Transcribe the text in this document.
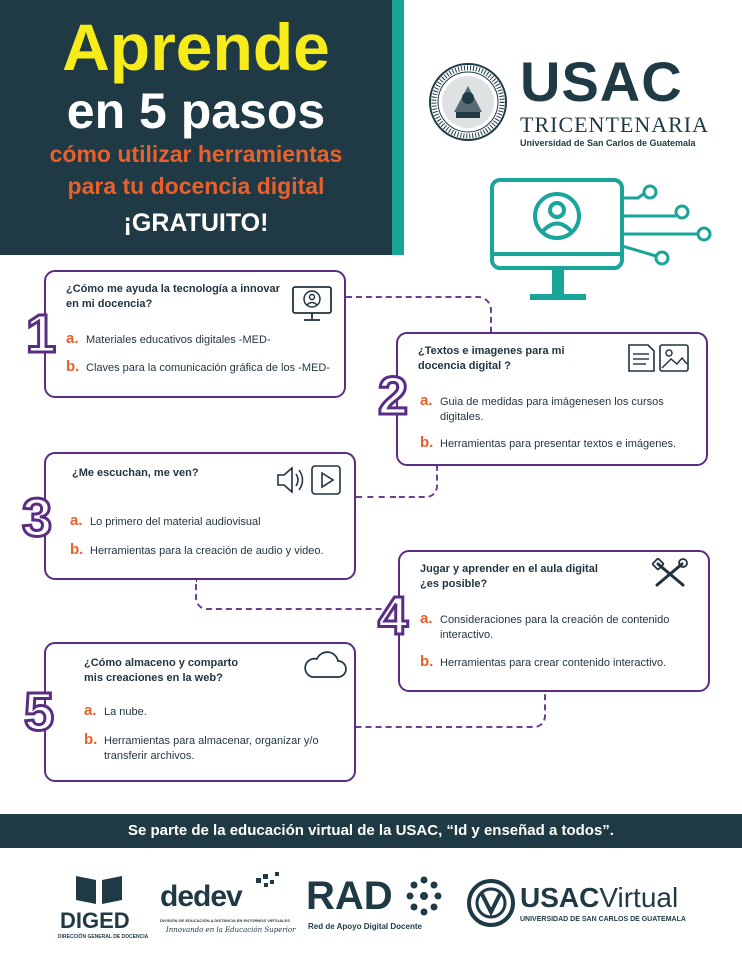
Aprende
en 5 pasos
cómo utilizar herramientas
para tu docencia digital
¡GRATUITO!
USAC
TRICENTENARIA
Universidad de San Carlos de Guatemala
1
¿Cómo me ayuda la tecnología a innovar
en mi docencia?
a. Materiales educativos digitales -MED-
b. Claves para la comunicación gráfica de los -MED- 2
¿Textos e imagenes para mi
docencia digital ?
a. Guia de medidas para imágenesen los cursos
digitales.
b. Herramientas para presentar textos e imágenes.
3
¿Me escuchan, me ven?
a. Lo primero del material audiovisual
b. Herramientas para la creación de audio y video.
4
Jugar y aprender en el aula digital
¿es posible?
a. Consideraciones para la creación de contenido
interactivo.
b. Herramientas para crear contenido interactivo.
5
¿Cómo almaceno y comparto
mis creaciones en la web?
a. La nube.
b. Herramientas para almacenar, organizar y/o
transferir archivos.
Se parte de la educación virtual de la USAC, “Id y enseñad a todos”.
DIGED
DIRECCIÓN GENERAL DE DOCENCIA
dedev
DIVISIÓN DE EDUCACIÓN A DISTANCIA EN ENTORNOS VIRTUALES
Innovando en la Educación Superior
RAD
Red de Apoyo Digital Docente
USACVirtual
UNIVERSIDAD DE SAN CARLOS DE GUATEMALA
